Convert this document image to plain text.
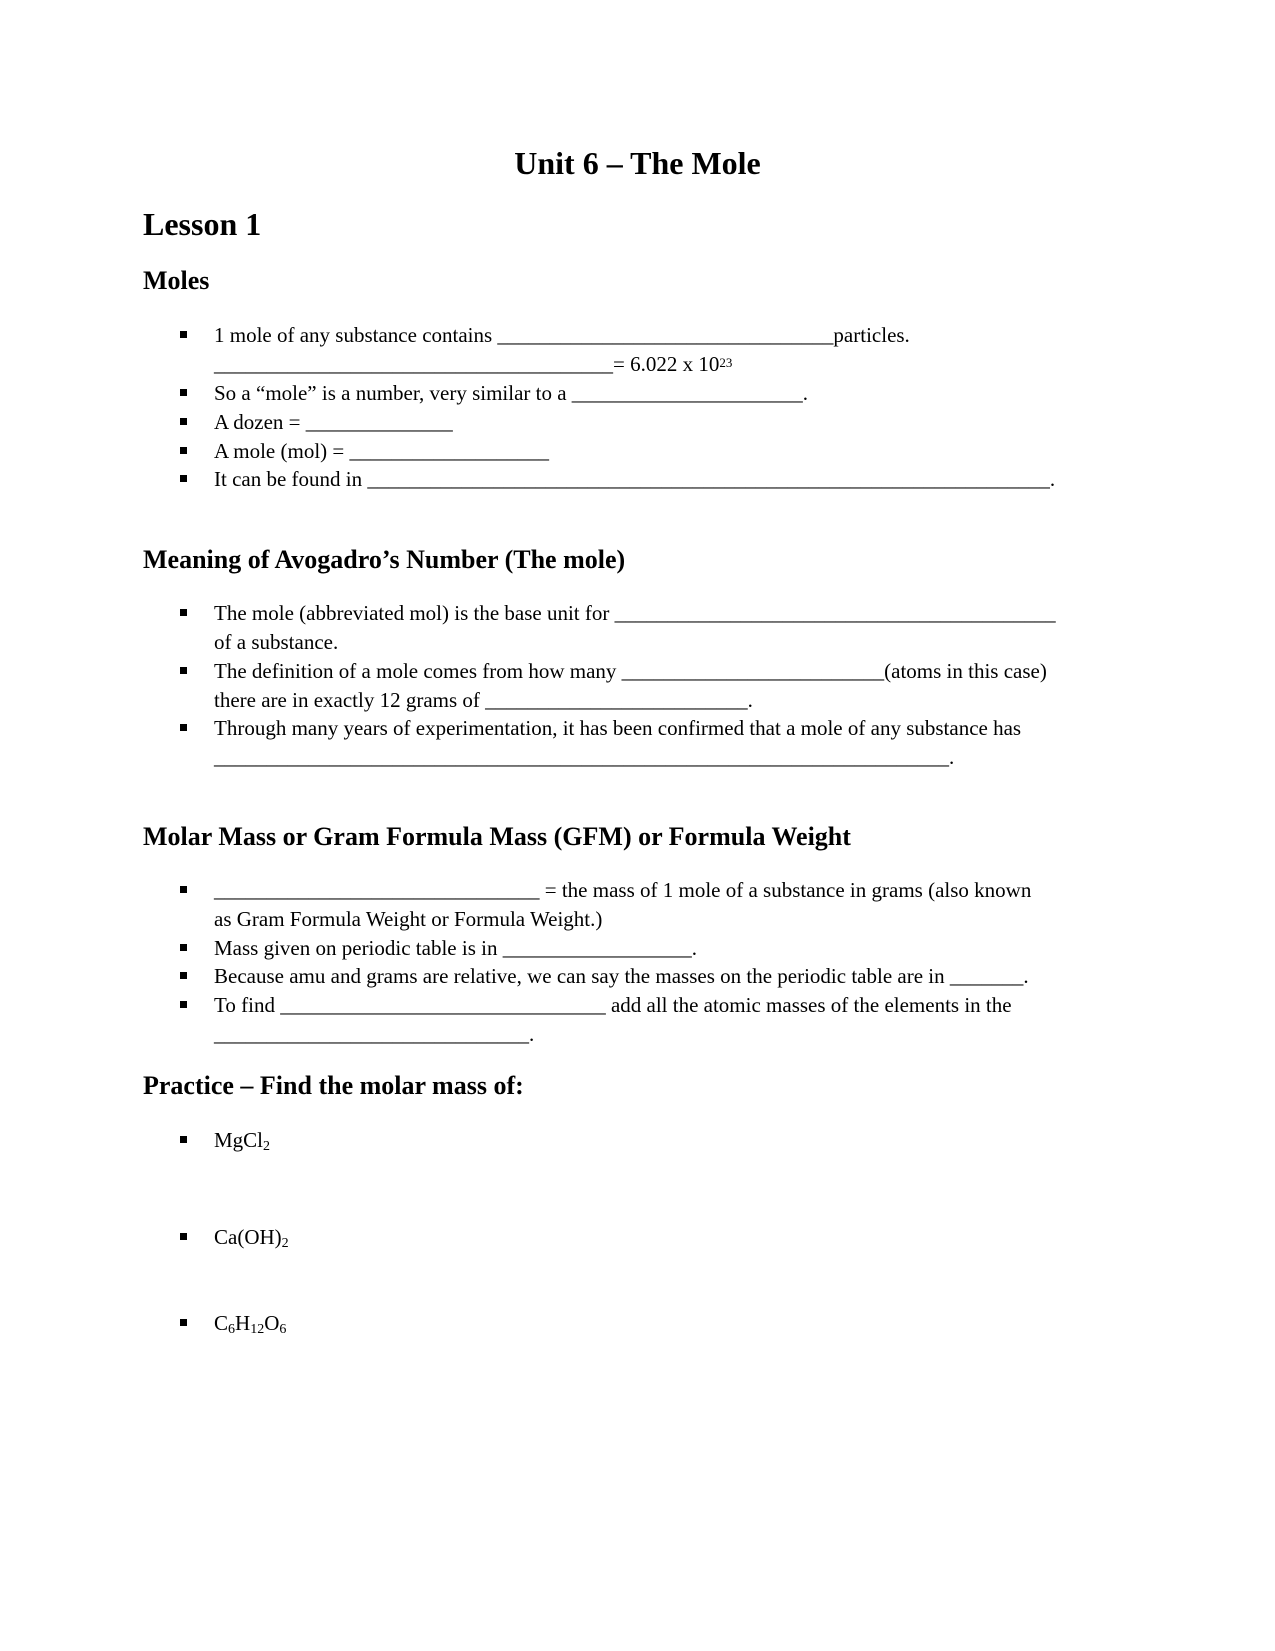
Unit 6 – The Mole
Lesson 1
Moles
1 mole of any substance contains ________________________________particles.
______________________________________= 6.022 x $10^{23}$
So a “mole” is a number, very similar to a ______________________.
A dozen = ______________
A mole (mol) = ___________________
It can be found in _________________________________________________________________.
Meaning of Avogadro’s Number (The mole)
The mole (abbreviated mol) is the base unit for __________________________________________
of a substance.
The definition of a mole comes from how many _________________________(atoms in this case)
there are in exactly 12 grams of _________________________.
Through many years of experimentation, it has been confirmed that a mole of any substance has
______________________________________________________________________.
Molar Mass or Gram Formula Mass (GFM) or Formula Weight
_______________________________ = the mass of 1 mole of a substance in grams (also known
as Gram Formula Weight or Formula Weight.)
Mass given on periodic table is in __________________.
Because amu and grams are relative, we can say the masses on the periodic table are in _______.
To find _______________________________ add all the atomic masses of the elements in the
______________________________.
Practice – Find the molar mass of:
MgCl$_2$
$Ca(OH)_2$
$C_6H_{12}O_6$
